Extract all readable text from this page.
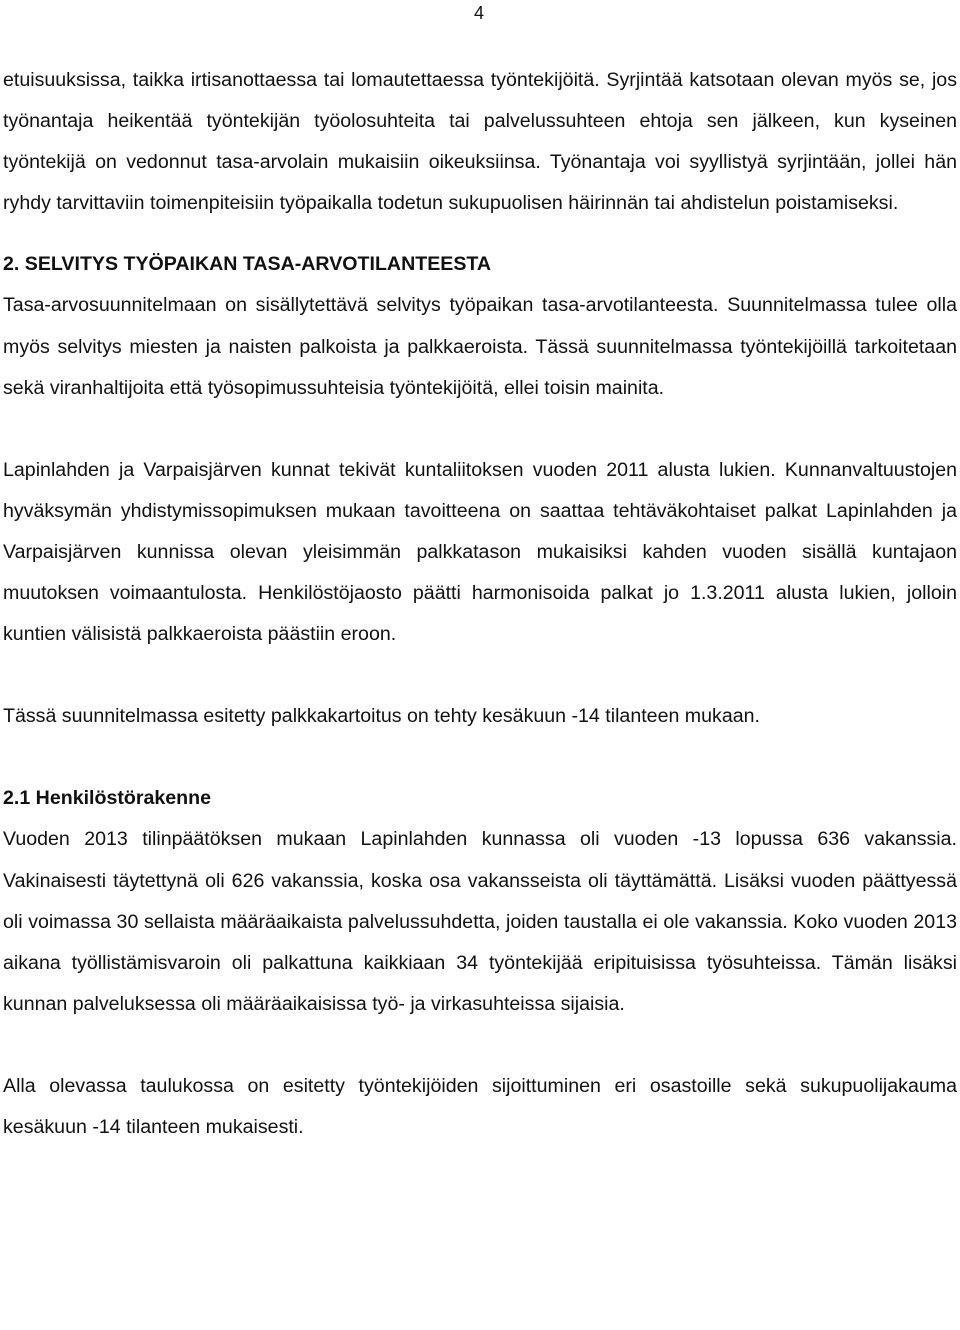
4

etuisuuksissa, taikka irtisanottaessa tai lomautettaessa työntekijöitä. Syrjintää katsotaan olevan myös se, jos työnantaja heikentää työntekijän työolosuhteita tai palvelussuhteen ehtoja sen jälkeen, kun kyseinen työntekijä on vedonnut tasa-arvolain mukaisiin oikeuksiinsa. Työnantaja voi syyllistyä syrjintään, jollei hän ryhdy tarvittaviin toimenpiteisiin työpaikalla todetun sukupuolisen häirinnän tai ahdistelun poistamiseksi.

2. SELVITYS TYÖPAIKAN TASA-ARVOTILANTEESTA

Tasa-arvosuunnitelmaan on sisällytettävä selvitys työpaikan tasa-arvotilanteesta. Suunnitelmassa tulee olla myös selvitys miesten ja naisten palkoista ja palkkaeroista. Tässä suunnitelmassa työntekijöillä tarkoitetaan sekä viranhaltijoita että työsopimussuhteisia työntekijöitä, ellei toisin mainita.

Lapinlahden ja Varpaisjärven kunnat tekivät kuntaliitoksen vuoden 2011 alusta lukien. Kunnanvaltuustojen hyväksymän yhdistymissopimuksen mukaan tavoitteena on saattaa tehtäväkohtaiset palkat Lapinlahden ja Varpaisjärven kunnissa olevan yleisimmän palkkatason mukaisiksi kahden vuoden sisällä kuntajaon muutoksen voimaantulosta. Henkilöstöjaosto päätti harmonisoida palkat jo 1.3.2011 alusta lukien, jolloin kuntien välisistä palkkaeroista päästiin eroon.

Tässä suunnitelmassa esitetty palkkakartoitus on tehty kesäkuun -14 tilanteen mukaan.

2.1 Henkilöstörakenne

Vuoden 2013 tilinpäätöksen mukaan Lapinlahden kunnassa oli vuoden -13 lopussa 636 vakanssia. Vakinaisesti täytettynä oli 626 vakanssia, koska osa vakansseista oli täyttämättä. Lisäksi vuoden päättyessä oli voimassa 30 sellaista määräaikaista palvelussuhdetta, joiden taustalla ei ole vakanssia. Koko vuoden 2013 aikana työllistämisvaroin oli palkattuna kaikkiaan 34 työntekijää eripituisissa työsuhteissa. Tämän lisäksi kunnan palveluksessa oli määräaikaisissa työ- ja virkasuhteissa sijaisia.

Alla olevassa taulukossa on esitetty työntekijöiden sijoittuminen eri osastoille sekä sukupuolijakauma kesäkuun -14 tilanteen mukaisesti.
